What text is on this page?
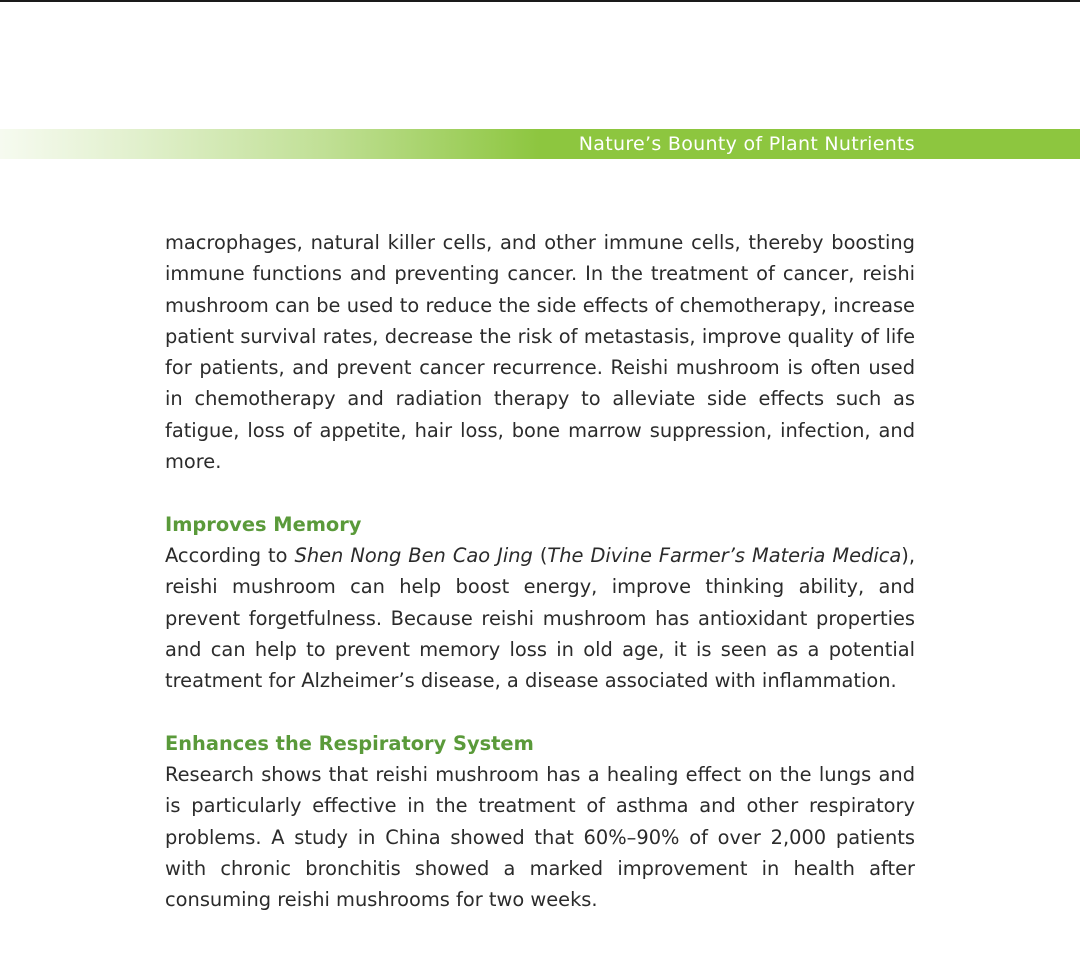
Nature’s Bounty of Plant Nutrients

macrophages, natural killer cells, and other immune cells, thereby boosting immune functions and preventing cancer. In the treatment of cancer, reishi mushroom can be used to reduce the side effects of chemotherapy, increase patient survival rates, decrease the risk of metastasis, improve quality of life for patients, and prevent cancer recurrence. Reishi mushroom is often used in chemotherapy and radiation therapy to alleviate side effects such as fatigue, loss of appetite, hair loss, bone marrow suppression, infection, and more.

Improves Memory

According to Shen Nong Ben Cao Jing (The Divine Farmer’s Materia Medica), reishi mushroom can help boost energy, improve thinking ability, and prevent forgetfulness. Because reishi mushroom has antioxidant properties and can help to prevent memory loss in old age, it is seen as a potential treatment for Alzheimer’s disease, a disease associated with inflammation.

Enhances the Respiratory System

Research shows that reishi mushroom has a healing effect on the lungs and is particularly effective in the treatment of asthma and other respiratory problems. A study in China showed that 60%–90% of over 2,000 patients with chronic bronchitis showed a marked improvement in health after consuming reishi mushrooms for two weeks.
